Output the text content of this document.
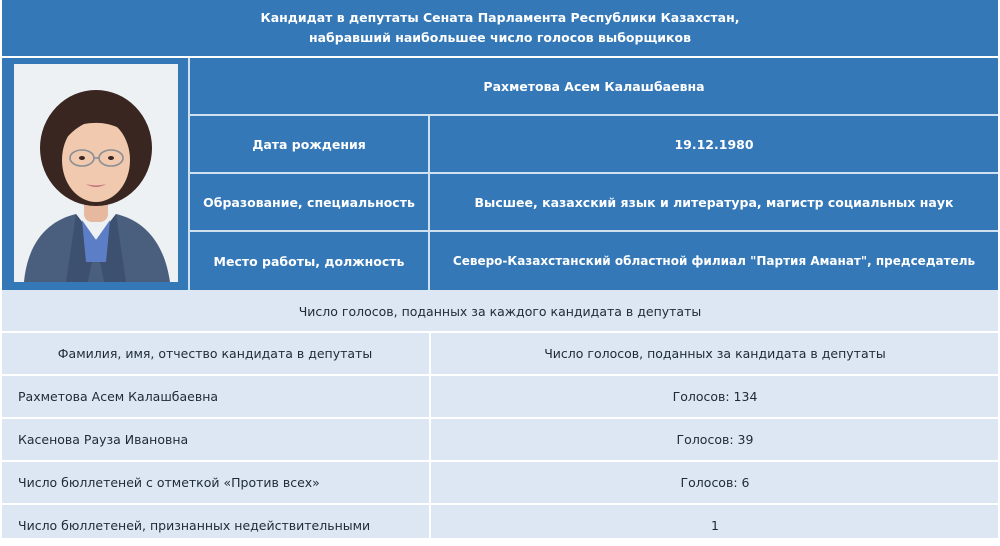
Кандидат в депутаты Сената Парламента Республики Казахстан,
набравший наибольшее число голосов выборщиков
Рахметова Асем Калашбаевна
Дата рождения	19.12.1980
Образование, специальность	Высшее, казахский язык и литература, магистр социальных наук
Место работы, должность	Северо-Казахстанский областной филиал "Партия Аманат", председатель
Число голосов, поданных за каждого кандидата в депутаты
Фамилия, имя, отчество кандидата в депутаты	Число голосов, поданных за кандидата в депутаты
Рахметова Асем Калашбаевна	Голосов: 134
Касенова Рауза Ивановна	Голосов: 39
Число бюллетеней с отметкой «Против всех»	Голосов: 6
Число бюллетеней, признанных недействительными	1
